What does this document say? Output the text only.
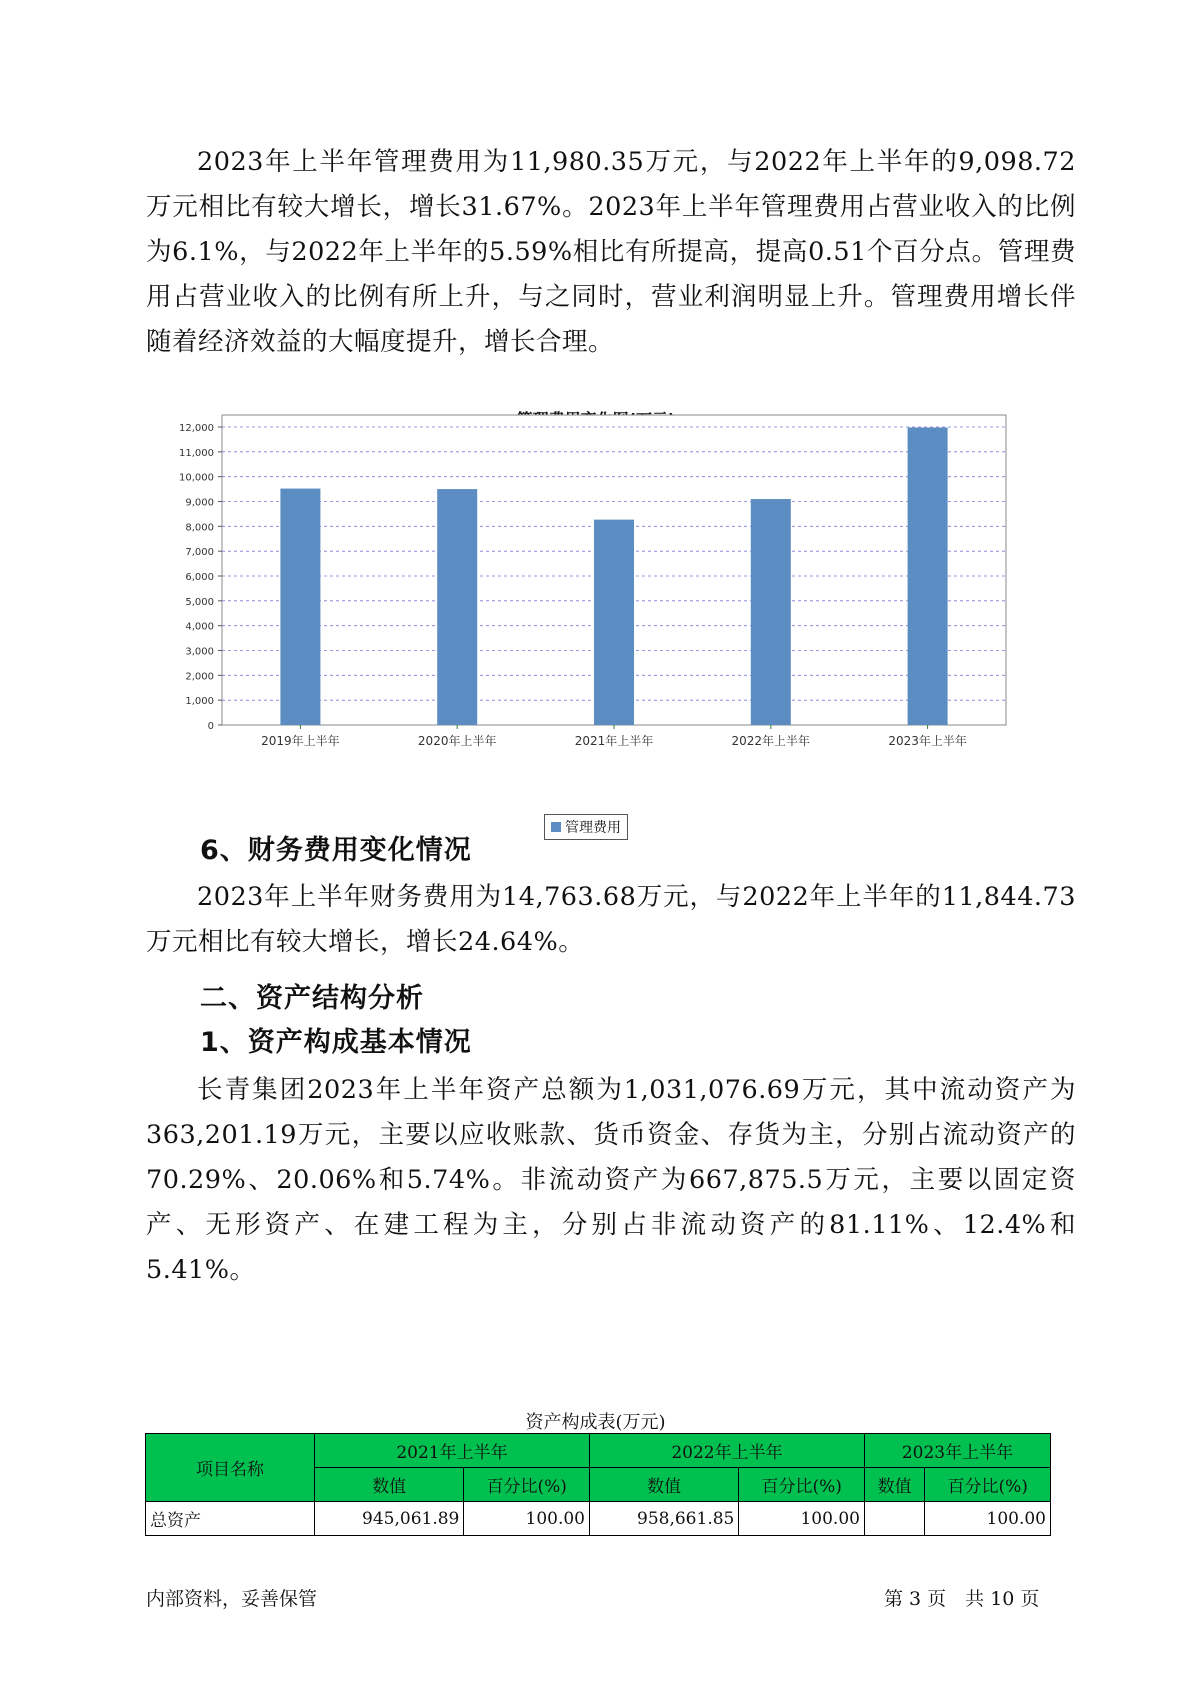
2023年上半年管理费用为11,980.35万元，与2022年上半年的9,098.72万元相比有较大增长，增长31.67%。2023年上半年管理费用占营业收入的比例为6.1%，与2022年上半年的5.59%相比有所提高，提高0.51个百分点。管理费用占营业收入的比例有所上升，与之同时，营业利润明显上升。管理费用增长伴随着经济效益的大幅度提升，增长合理。

0
1,000
2,000
3,000
4,000
5,000
6,000
7,000
8,000
9,000
10,000
11,000
12,000
2019年上半年	2020年上半年	2021年上半年	2022年上半年	2023年上半年
管理费用
6、财务费用变化情况

2023年上半年财务费用为14,763.68万元，与2022年上半年的11,844.73万元相比有较大增长，增长24.64%。

二、资产结构分析
1、资产构成基本情况

长青集团2023年上半年资产总额为1,031,076.69万元，其中流动资产为363,201.19万元，主要以应收账款、货币资金、存货为主，分别占流动资产的70.29%、20.06%和5.74%。非流动资产为667,875.5万元，主要以固定资产、无形资产、在建工程为主，分别占非流动资产的81.11%、12.4%和5.41%。

资产构成表(万元)
项目名称	2021年上半年		2022年上半年		2023年上半年	
	数值	百分比(%)	数值	百分比(%)	数值	百分比(%)
总资产	945,061.89	100.00	958,661.85	100.00		100.00
内部资料，妥善保管	第 3 页　共 10 页
